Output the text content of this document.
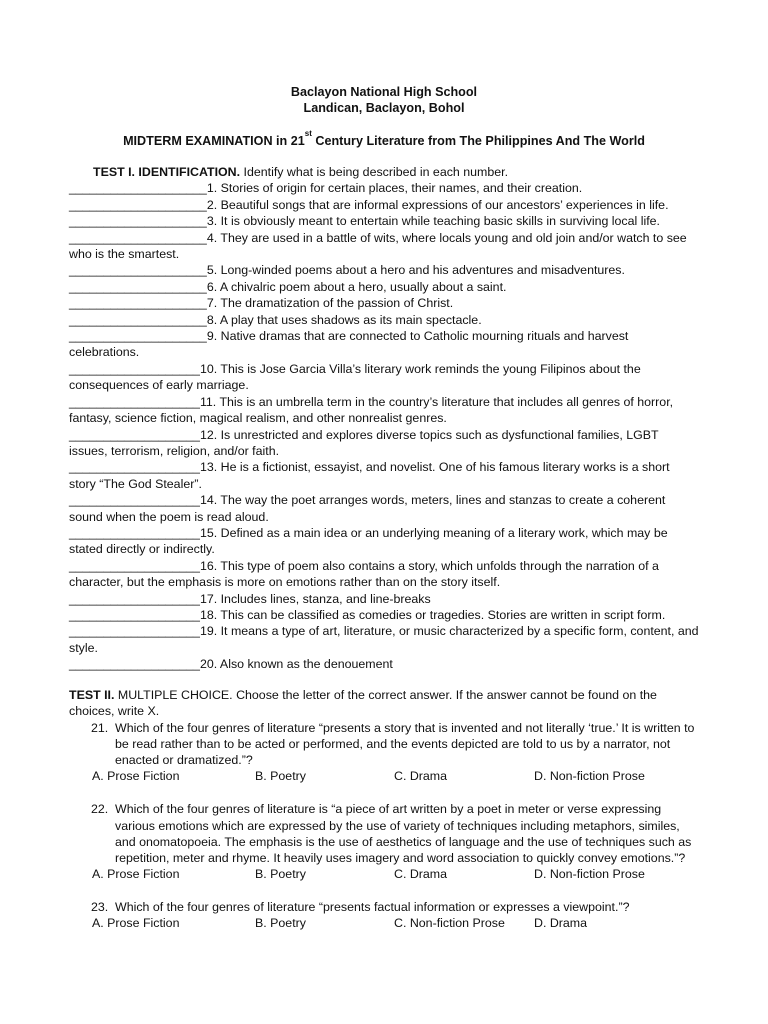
Baclayon National High School
Landican, Baclayon, Bohol
MIDTERM EXAMINATION in 21st Century Literature from The Philippines And The World
TEST I. IDENTIFICATION. Identify what is being described in each number.
____________________1. Stories of origin for certain places, their names, and their creation.
____________________2. Beautiful songs that are informal expressions of our ancestors’ experiences in life.
____________________3. It is obviously meant to entertain while teaching basic skills in surviving local life.
____________________4. They are used in a battle of wits, where locals young and old join and/or watch to see who is the smartest.
____________________5. Long-winded poems about a hero and his adventures and misadventures.
____________________6. A chivalric poem about a hero, usually about a saint.
____________________7. The dramatization of the passion of Christ.
____________________8. A play that uses shadows as its main spectacle.
____________________9. Native dramas that are connected to Catholic mourning rituals and harvest celebrations.
___________________10. This is Jose Garcia Villa’s literary work reminds the young Filipinos about the consequences of early marriage.
___________________11. This is an umbrella term in the country’s literature that includes all genres of horror, fantasy, science fiction, magical realism, and other nonrealist genres.
___________________12. Is unrestricted and explores diverse topics such as dysfunctional families, LGBT issues, terrorism, religion, and/or faith.
___________________13. He is a fictionist, essayist, and novelist. One of his famous literary works is a short story “The God Stealer”.
___________________14. The way the poet arranges words, meters, lines and stanzas to create a coherent sound when the poem is read aloud.
___________________15. Defined as a main idea or an underlying meaning of a literary work, which may be stated directly or indirectly.
___________________16. This type of poem also contains a story, which unfolds through the narration of a character, but the emphasis is more on emotions rather than on the story itself.
___________________17. Includes lines, stanza, and line-breaks
___________________18. This can be classified as comedies or tragedies. Stories are written in script form.
___________________19. It means a type of art, literature, or music characterized by a specific form, content, and style.
___________________20. Also known as the denouement
TEST II. MULTIPLE CHOICE. Choose the letter of the correct answer. If the answer cannot be found on the choices, write X.
21. Which of the four genres of literature “presents a story that is invented and not literally ‘true.’ It is written to be read rather than to be acted or performed, and the events depicted are told to us by a narrator, not enacted or dramatized.”?
A. Prose Fiction	B. Poetry	C. Drama	D. Non-fiction Prose
22. Which of the four genres of literature is “a piece of art written by a poet in meter or verse expressing various emotions which are expressed by the use of variety of techniques including metaphors, similes, and onomatopoeia. The emphasis is the use of aesthetics of language and the use of techniques such as repetition, meter and rhyme. It heavily uses imagery and word association to quickly convey emotions.”?
A. Prose Fiction	B. Poetry	C. Drama	D. Non-fiction Prose
23. Which of the four genres of literature “presents factual information or expresses a viewpoint.”?
A. Prose Fiction	B. Poetry	C. Non-fiction Prose D. Drama
